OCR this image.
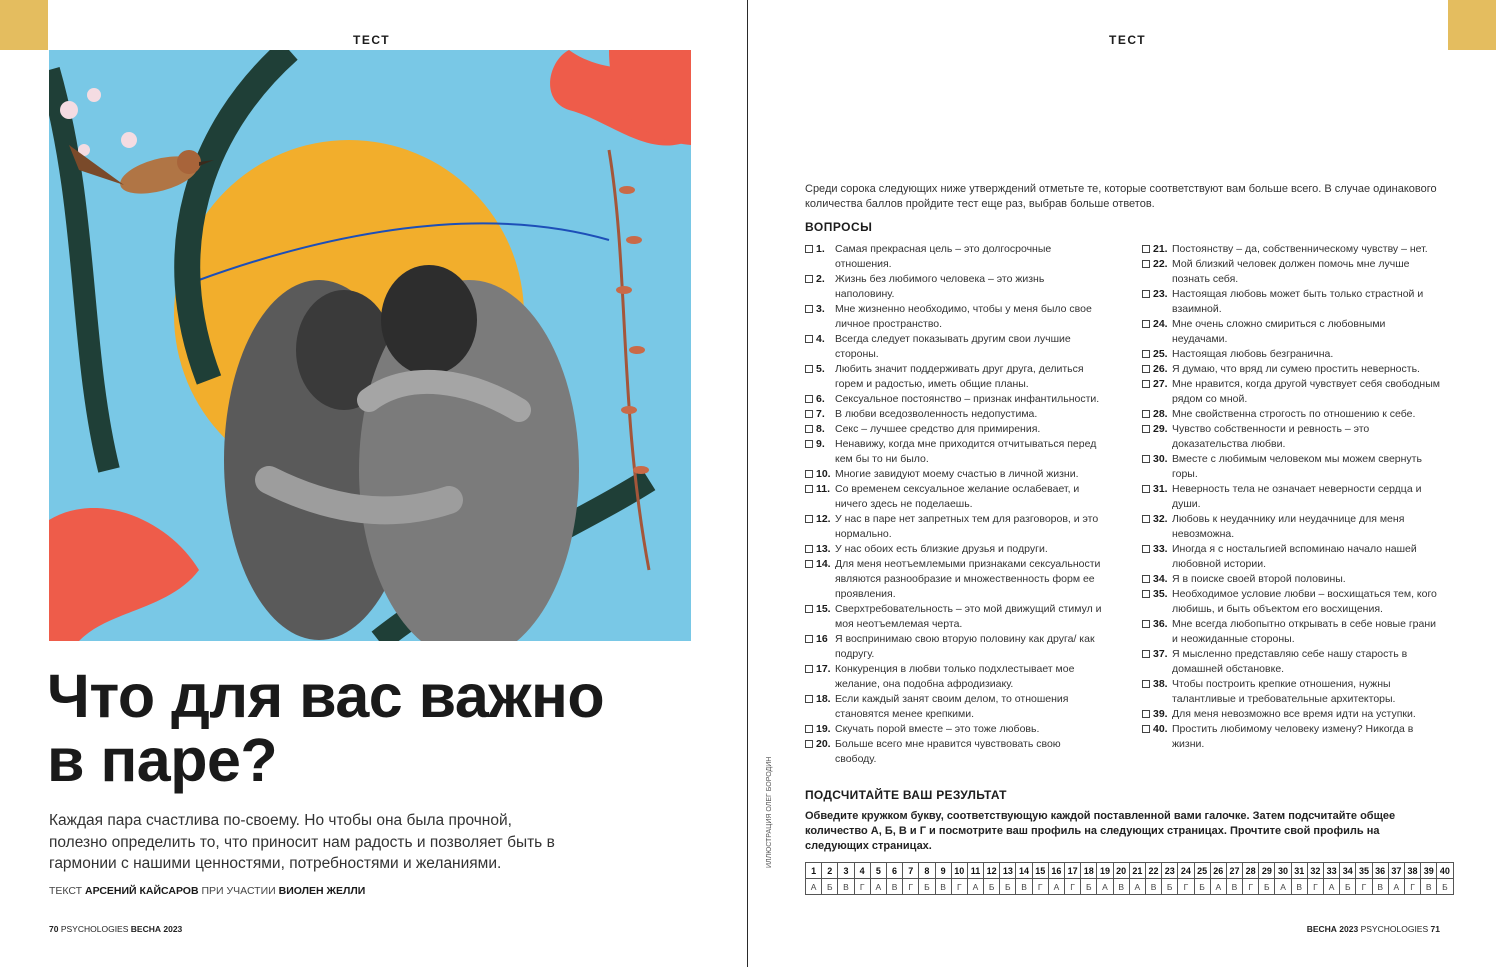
ТЕСТ
Что для вас важно
в паре?

Каждая пара счастлива по-своему. Но чтобы она была прочной, полезно определить то, что приносит нам радость и позволяет быть в гармонии с нашими ценностями, потребностями и желаниями.

ТЕКСТ АРСЕНИЙ КАЙСАРОВ ПРИ УЧАСТИИ ВИОЛЕН ЖЕЛЛИ
70 PSYCHOLOGIES ВЕСНА 2023
ТЕСТ
ИЛЛЮСТРАЦИЯ ОЛЕГ БОРОДИН

Среди сорока следующих ниже утверждений отметьте те, которые соответствуют вам больше всего. В случае одинакового количества баллов пройдите тест еще раз, выбрав больше ответов.

ВОПРОСЫ
1. Самая прекрасная цель – это долгосрочные отношения.
2. Жизнь без любимого человека – это жизнь наполовину.
3. Мне жизненно необходимо, чтобы у меня было свое личное пространство.
4. Всегда следует показывать другим свои лучшие стороны.
5. Любить значит поддерживать друг друга, делиться горем и радостью, иметь общие планы.
6. Сексуальное постоянство – признак инфантильности.
7. В любви вседозволенность недопустима.
8. Секс – лучшее средство для примирения.
9. Ненавижу, когда мне приходится отчитываться перед кем бы то ни было.
10. Многие завидуют моему счастью в личной жизни.
11. Со временем сексуальное желание ослабевает, и ничего здесь не поделаешь.
12. У нас в паре нет запретных тем для разговоров, и это нормально.
13. У нас обоих есть близкие друзья и подруги.
14. Для меня неотъемлемыми признаками сексуальности являются разнообразие и множественность форм ее проявления.
15. Сверхтребовательность – это мой движущий стимул и моя неотъемлемая черта.
16 Я воспринимаю свою вторую половину как друга/ как подругу.
17. Конкуренция в любви только подхлестывает мое желание, она подобна афродизиаку.
18. Если каждый занят своим делом, то отношения становятся менее крепкими.
19. Скучать порой вместе – это тоже любовь.
20. Больше всего мне нравится чувствовать свою свободу.
21. Постоянству – да, собственническому чувству – нет.
22. Мой близкий человек должен помочь мне лучше познать себя.
23. Настоящая любовь может быть только страстной и взаимной.
24. Мне очень сложно смириться с любовными неудачами.
25. Настоящая любовь безгранична.
26. Я думаю, что вряд ли сумею простить неверность.
27. Мне нравится, когда другой чувствует себя свободным рядом со мной.
28. Мне свойственна строгость по отношению к себе.
29. Чувство собственности и ревность – это доказательства любви.
30. Вместе с любимым человеком мы можем свернуть горы.
31. Неверность тела не означает неверности сердца и души.
32. Любовь к неудачнику или неудачнице для меня невозможна.
33. Иногда я с ностальгией вспоминаю начало нашей любовной истории.
34. Я в поиске своей второй половины.
35. Необходимое условие любви – восхищаться тем, кого любишь, и быть объектом его восхищения.
36. Мне всегда любопытно открывать в себе новые грани и неожиданные стороны.
37. Я мысленно представляю себе нашу старость в домашней обстановке.
38. Чтобы построить крепкие отношения, нужны талантливые и требовательные архитекторы.
39. Для меня невозможно все время идти на уступки.
40. Простить любимому человеку измену? Никогда в жизни.
ПОДСЧИТАЙТЕ ВАШ РЕЗУЛЬТАТ

Обведите кружком букву, соответствующую каждой поставленной вами галочке. Затем подсчитайте общее количество А, Б, В и Г и посмотрите ваш профиль на следующих страницах. Прочтите свой профиль на следующих страницах.

1	2	3	4	5	6	7	8	9	10	11	12	13	14	15	16	17	18	19	20	21	22	23	24	25	26	27	28	29	30	31	32	33	34	35	36	37	38	39	40
А	Б	В	Г	А	В	Г	Б	В	Г	А	Б	Б	В	Г	А	Г	Б	А	В	А	В	Б	Г	Б	А	В	Г	Б	А	В	Г	А	Б	Г	В	А	Г	В	Б
ВЕСНА 2023 PSYCHOLOGIES 71
